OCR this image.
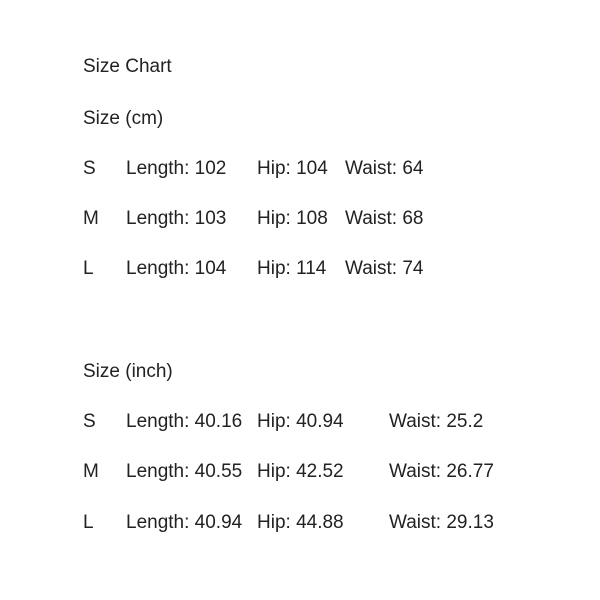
Size Chart
Size (cm)
S Length: 102 Hip: 104 Waist: 64
M Length: 103 Hip: 108 Waist: 68
L Length: 104 Hip: 114 Waist: 74
Size (inch)
S Length: 40.16 Hip: 40.94 Waist: 25.2
M Length: 40.55 Hip: 42.52 Waist: 26.77
L Length: 40.94 Hip: 44.88 Waist: 29.13
